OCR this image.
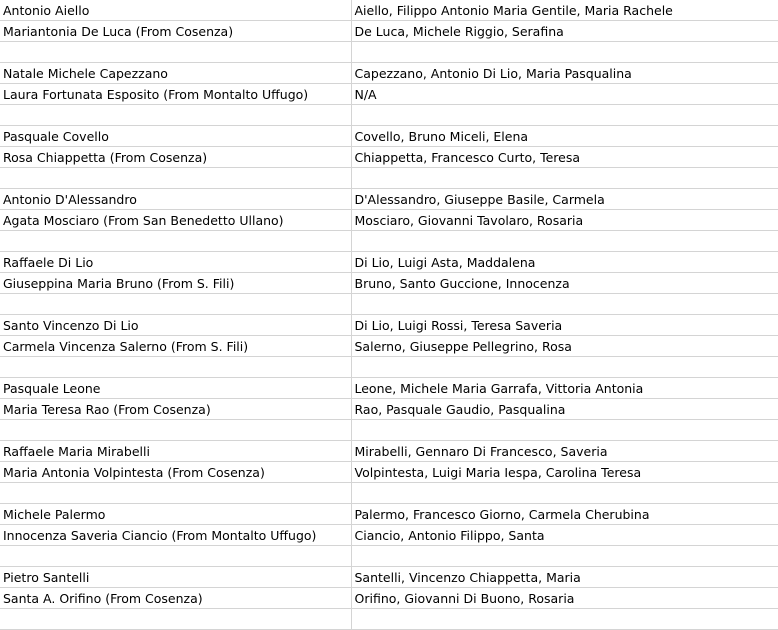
Antonio Aiello	Aiello, Filippo Antonio Maria Gentile, Maria Rachele
Mariantonia De Luca (From Cosenza)	De Luca, Michele Riggio, Serafina

Natale Michele Capezzano	Capezzano, Antonio Di Lio, Maria Pasqualina
Laura Fortunata Esposito (From Montalto Uffugo)	N/A

Pasquale Covello	Covello, Bruno Miceli, Elena
Rosa Chiappetta (From Cosenza)	Chiappetta, Francesco Curto, Teresa

Antonio D'Alessandro	D'Alessandro, Giuseppe Basile, Carmela
Agata Mosciaro (From San Benedetto Ullano)	Mosciaro, Giovanni Tavolaro, Rosaria

Raffaele Di Lio	Di Lio, Luigi Asta, Maddalena
Giuseppina Maria Bruno (From S. Fili)	Bruno, Santo Guccione, Innocenza

Santo Vincenzo Di Lio	Di Lio, Luigi Rossi, Teresa Saveria
Carmela Vincenza Salerno (From S. Fili)	Salerno, Giuseppe Pellegrino, Rosa

Pasquale Leone	Leone, Michele Maria Garrafa, Vittoria Antonia
Maria Teresa Rao (From Cosenza)	Rao, Pasquale Gaudio, Pasqualina

Raffaele Maria Mirabelli	Mirabelli, Gennaro Di Francesco, Saveria
Maria Antonia Volpintesta (From Cosenza)	Volpintesta, Luigi Maria Iespa, Carolina Teresa

Michele Palermo	Palermo, Francesco Giorno, Carmela Cherubina
Innocenza Saveria Ciancio (From Montalto Uffugo)	Ciancio, Antonio Filippo, Santa

Pietro Santelli	Santelli, Vincenzo Chiappetta, Maria
Santa A. Orifino (From Cosenza)	Orifino, Giovanni Di Buono, Rosaria
